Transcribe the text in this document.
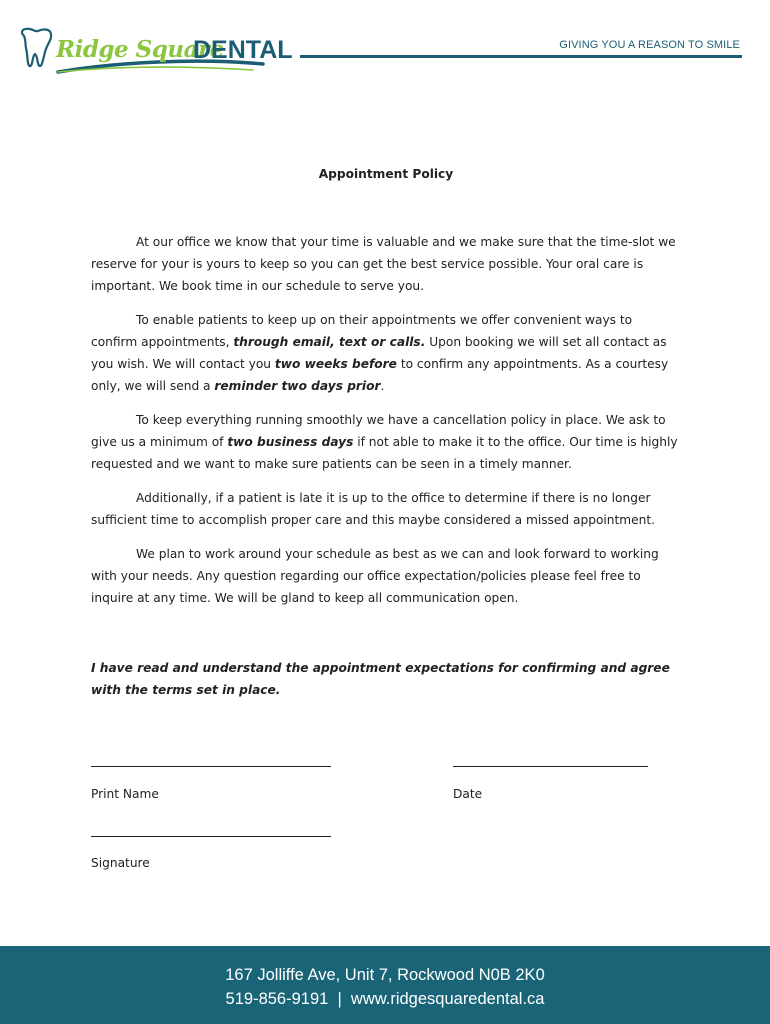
Ridge Square
DENTAL	GIVING YOU A REASON TO SMILE
Appointment Policy

At our office we know that your time is valuable and we make sure that the time-slot we reserve for your is yours to keep so you can get the best service possible. Your oral care is important. We book time in our schedule to serve you.

To enable patients to keep up on their appointments we offer convenient ways to confirm appointments, through email, text or calls. Upon booking we will set all contact as you wish. We will contact you two weeks before to confirm any appointments. As a courtesy only, we will send a reminder two days prior.

To keep everything running smoothly we have a cancellation policy in place. We ask to give us a minimum of two business days if not able to make it to the office. Our time is highly requested and we want to make sure patients can be seen in a timely manner.

Additionally, if a patient is late it is up to the office to determine if there is no longer sufficient time to accomplish proper care and this maybe considered a missed appointment.

We plan to work around your schedule as best as we can and look forward to working with your needs. Any question regarding our office expectation/policies please feel free to inquire at any time. We will be gland to keep all communication open.

I have read and understand the appointment expectations for confirming and agree with the terms set in place.

Print Name	Date
Signature
167 Jolliffe Ave, Unit 7, Rockwood N0B 2K0
519-856-9191  |  www.ridgesquaredental.ca
